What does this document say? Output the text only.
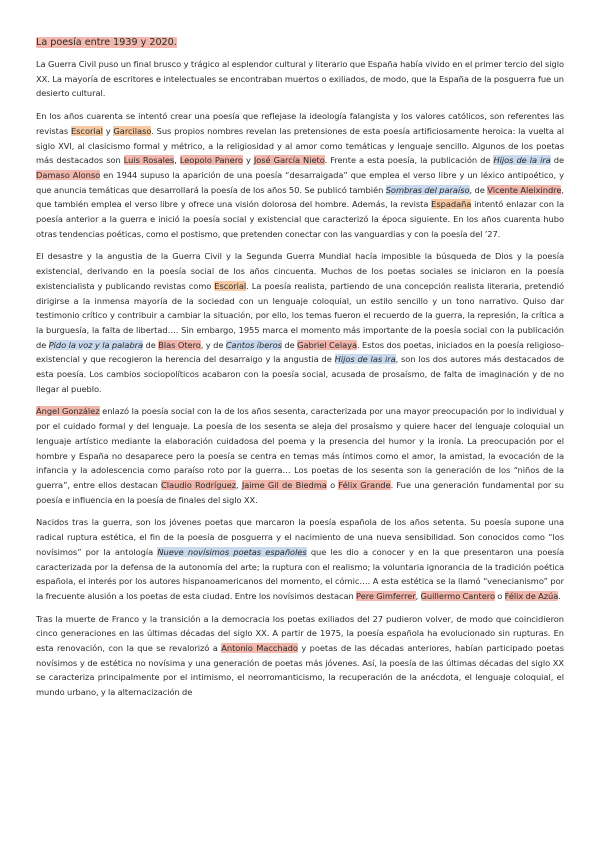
La poesía entre 1939 y 2020.

La Guerra Civil puso un final brusco y trágico al esplendor cultural y literario que España había vivido en el primer tercio del siglo XX. La mayoría de escritores e intelectuales se encontraban muertos o exiliados, de modo, que la España de la posguerra fue un desierto cultural.

En los años cuarenta se intentó crear una poesía que reflejase la ideología falangista y los valores católicos, son referentes las revistas Escorial y Garcilaso. Sus propios nombres revelan las pretensiones de esta poesía artificiosamente heroica: la vuelta al siglo XVI, al clasicismo formal y métrico, a la religiosidad y al amor como temáticas y lenguaje sencillo. Algunos de los poetas más destacados son Luis Rosales, Leopolo Panero y José García Nieto. Frente a esta poesía, la publicación de Hijos de la ira de Damaso Alonso en 1944 supuso la aparición de una poesía “desarraigada” que emplea el verso libre y un léxico antipoético, y que anuncia temáticas que desarrollará la poesía de los años 50. Se publicó también Sombras del paraíso, de Vicente Aleixindre, que también emplea el verso libre y ofrece una visión dolorosa del hombre. Además, la revista Espadaña intentó enlazar con la poesía anterior a la guerra e inició la poesía social y existencial que caracterizó la época siguiente. En los años cuarenta hubo otras tendencias poéticas, como el postismo, que pretenden conectar con las vanguardias y con la poesía del ’27.

El desastre y la angustia de la Guerra Civil y la Segunda Guerra Mundial hacía imposible la búsqueda de Dios y la poesía existencial, derivando en la poesía social de los años cincuenta. Muchos de los poetas sociales se iniciaron en la poesía existencialista y publicando revistas como Escorial. La poesía realista, partiendo de una concepción realista literaria, pretendió dirigirse a la inmensa mayoría de la sociedad con un lenguaje coloquial, un estilo sencillo y un tono narrativo. Quiso dar testimonio crítico y contribuir a cambiar la situación, por ello, los temas fueron el recuerdo de la guerra, la represión, la crítica a la burguesía, la falta de libertad…. Sin embargo, 1955 marca el momento más importante de la poesía social con la publicación de Pido la voz y la palabra de Blas Otero, y de Cantos íberos de Gabriel Celaya. Estos dos poetas, iniciados en la poesía religioso-existencial y que recogieron la herencia del desarraigo y la angustia de Hijos de las ira, son los dos autores más destacados de esta poesía. Los cambios sociopolíticos acabaron con la poesía social, acusada de prosaísmo, de falta de imaginación y de no llegar al pueblo.

Ángel González enlazó la poesía social con la de los años sesenta, caracterizada por una mayor preocupación por lo individual y por el cuidado formal y del lenguaje. La poesía de los sesenta se aleja del prosaísmo y quiere hacer del lenguaje coloquial un lenguaje artístico mediante la elaboración cuidadosa del poema y la presencia del humor y la ironía. La preocupación por el hombre y España no desaparece pero la poesía se centra en temas más íntimos como el amor, la amistad, la evocación de la infancia y la adolescencia como paraíso roto por la guerra… Los poetas de los sesenta son la generación de los “niños de la guerra”, entre ellos destacan Claudio Rodríguez, Jaime Gil de Biedma o Félix Grande. Fue una generación fundamental por su poesía e influencia en la poesía de finales del siglo XX.

Nacidos tras la guerra, son los jóvenes poetas que marcaron la poesía española de los años setenta. Su poesía supone una radical ruptura estética, el fin de la poesía de posguerra y el nacimiento de una nueva sensibilidad. Son conocidos como “los novísimos” por la antología Nueve novísimos poetas españoles que les dio a conocer y en la que presentaron una poesía caracterizada por la defensa de la autonomía del arte; la ruptura con el realismo; la voluntaria ignorancia de la tradición poética española, el interés por los autores hispanoamericanos del momento, el cómic…. A esta estética se la llamó “venecianismo” por la frecuente alusión a los poetas de esta ciudad. Entre los novísimos destacan Pere Gimferrer, Guillermo Cantero o Félix de Azúa.

Tras la muerte de Franco y la transición a la democracia los poetas exiliados del 27 pudieron volver, de modo que coincidieron cinco generaciones en las últimas décadas del siglo XX. A partir de 1975, la poesía española ha evolucionado sin rupturas. En esta renovación, con la que se revalorizó a Antonio Macchado y poetas de las décadas anteriores, habían participado poetas novísimos y de estética no novísima y una generación de poetas más jóvenes. Así, la poesía de las últimas décadas del siglo XX se caracteriza principalmente por el intimismo, el neorromanticismo, la recuperación de la anécdota, el lenguaje coloquial, el mundo urbano, y la alternacización de
